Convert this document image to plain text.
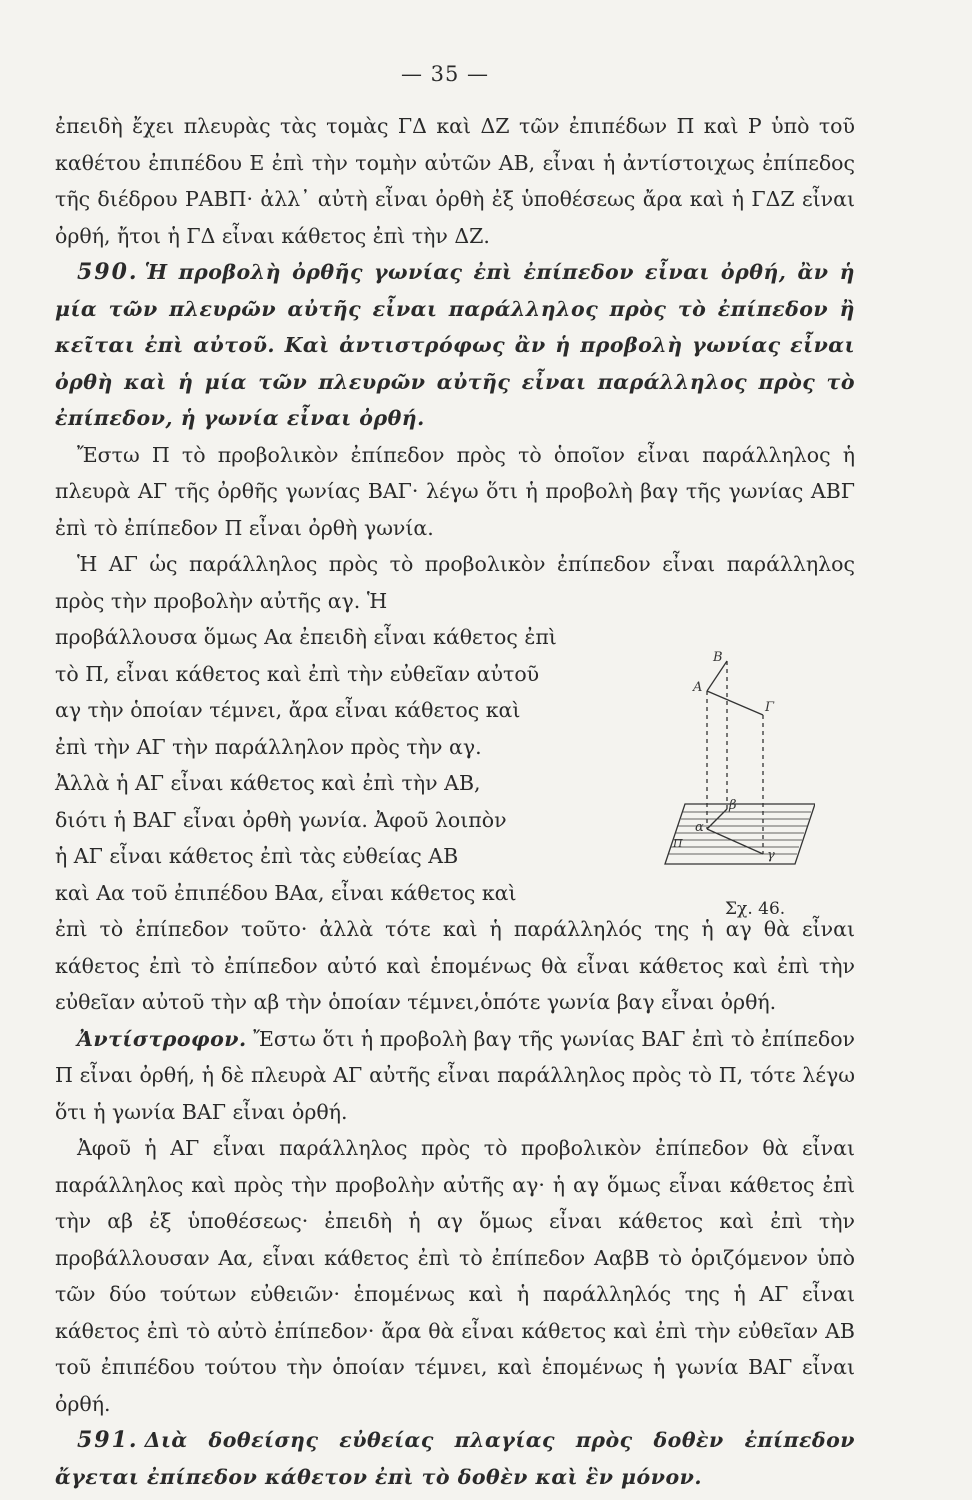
— 35 —

ἐπειδὴ ἔχει πλευρὰς τὰς τομὰς ΓΔ καὶ ΔΖ τῶν ἐπιπέδων Π καὶ Ρ ὑπὸ τοῦ καθέτου ἐπιπέδου Ε ἐπὶ τὴν τομὴν αὐτῶν ΑΒ, εἶναι ἡ ἀντίστοιχως ἐπίπεδος τῆς διέδρου ΡΑΒΠ· ἀλλ᾽ αὐτὴ εἶναι ὀρθὴ ἐξ ὑποθέσεως ἄρα καὶ ἡ ΓΔΖ εἶναι ὀρθή, ἤτοι ἡ ΓΔ εἶναι κάθετος ἐπὶ τὴν ΔΖ.

590. Ἡ προβολὴ ὀρθῆς γωνίας ἐπὶ ἐπίπεδον εἶναι ὀρθή, ἂν ἡ μία τῶν πλευρῶν αὐτῆς εἶναι παράλληλος πρὸς τὸ ἐπίπεδον ἢ κεῖται ἐπὶ αὐτοῦ. Καὶ ἀντιστρόφως ἂν ἡ προβολὴ γωνίας εἶναι ὀρθὴ καὶ ἡ μία τῶν πλευρῶν αὐτῆς εἶναι παράλληλος πρὸς τὸ ἐπίπεδον, ἡ γωνία εἶναι ὀρθή.

Ἔστω Π τὸ προβολικὸν ἐπίπεδον πρὸς τὸ ὁποῖον εἶναι παράλληλος ἡ πλευρὰ ΑΓ τῆς ὀρθῆς γωνίας ΒΑΓ· λέγω ὅτι ἡ προβολὴ βαγ τῆς γωνίας ΑΒΓ ἐπὶ τὸ ἐπίπεδον Π εἶναι ὀρθὴ γωνία.

Ἡ ΑΓ ὡς παράλληλος πρὸς τὸ προβολικὸν ἐπίπεδον εἶναι παράλληλος πρὸς τὴν προβολὴν αὐτῆς αγ. Ἡ

προβάλλουσα ὅμως Αα ἐπειδὴ εἶναι κάθετος ἐπὶ
τὸ Π, εἶναι κάθετος καὶ ἐπὶ τὴν εὐθεῖαν αὐτοῦ
αγ τὴν ὁποίαν τέμνει, ἄρα εἶναι κάθετος καὶ
ἐπὶ τὴν ΑΓ τὴν παράλληλον πρὸς τὴν αγ.
Ἀλλὰ ἡ ΑΓ εἶναι κάθετος καὶ ἐπὶ τὴν ΑΒ,
διότι ἡ ΒΑΓ εἶναι ὀρθὴ γωνία. Ἀφοῦ λοιπὸν
ἡ ΑΓ εἶναι κάθετος ἐπὶ τὰς εὐθείας ΑΒ
καὶ Αα τοῦ ἐπιπέδου ΒΑα, εἶναι κάθετος καὶ
Β
Α
Γ
β
α
γ
Π
Σχ. 46.

ἐπὶ τὸ ἐπίπεδον τοῦτο· ἀλλὰ τότε καὶ ἡ παράλληλός της ἡ αγ θὰ εἶναι κάθετος ἐπὶ τὸ ἐπίπεδον αὐτό καὶ ἑπομένως θὰ εἶναι κάθετος καὶ ἐπὶ τὴν εὐθεῖαν αὐτοῦ τὴν αβ τὴν ὁποίαν τέμνει,ὁπότε γωνία βαγ εἶναι ὀρθή.

Ἀντίστροφον. Ἔστω ὅτι ἡ προβολὴ βαγ τῆς γωνίας ΒΑΓ ἐπὶ τὸ ἐπίπεδον Π εἶναι ὀρθή, ἡ δὲ πλευρὰ ΑΓ αὐτῆς εἶναι παράλληλος πρὸς τὸ Π, τότε λέγω ὅτι ἡ γωνία ΒΑΓ εἶναι ὀρθή.

Ἀφοῦ ἡ ΑΓ εἶναι παράλληλος πρὸς τὸ προβολικὸν ἐπίπεδον θὰ εἶναι παράλληλος καὶ πρὸς τὴν προβολὴν αὐτῆς αγ· ἡ αγ ὅμως εἶναι κάθετος ἐπὶ τὴν αβ ἐξ ὑποθέσεως· ἐπειδὴ ἡ αγ ὅμως εἶναι κάθετος καὶ ἐπὶ τὴν προβάλλουσαν Αα, εἶναι κάθετος ἐπὶ τὸ ἐπίπεδον ΑαβΒ τὸ ὁριζόμενον ὑπὸ τῶν δύο τούτων εὐθειῶν· ἑπομένως καὶ ἡ παράλληλός της ἡ ΑΓ εἶναι κάθετος ἐπὶ τὸ αὐτὸ ἐπίπεδον· ἄρα θὰ εἶναι κάθετος καὶ ἐπὶ τὴν εὐθεῖαν ΑΒ τοῦ ἐπιπέδου τούτου τὴν ὁποίαν τέμνει, καὶ ἑπομένως ἡ γωνία ΒΑΓ εἶναι ὀρθή.

591. Διὰ δοθείσης εὐθείας πλαγίας πρὸς δοθὲν ἐπίπεδον ἄγεται ἐπίπεδον κάθετον ἐπὶ τὸ δοθὲν καὶ ἓν μόνον.
